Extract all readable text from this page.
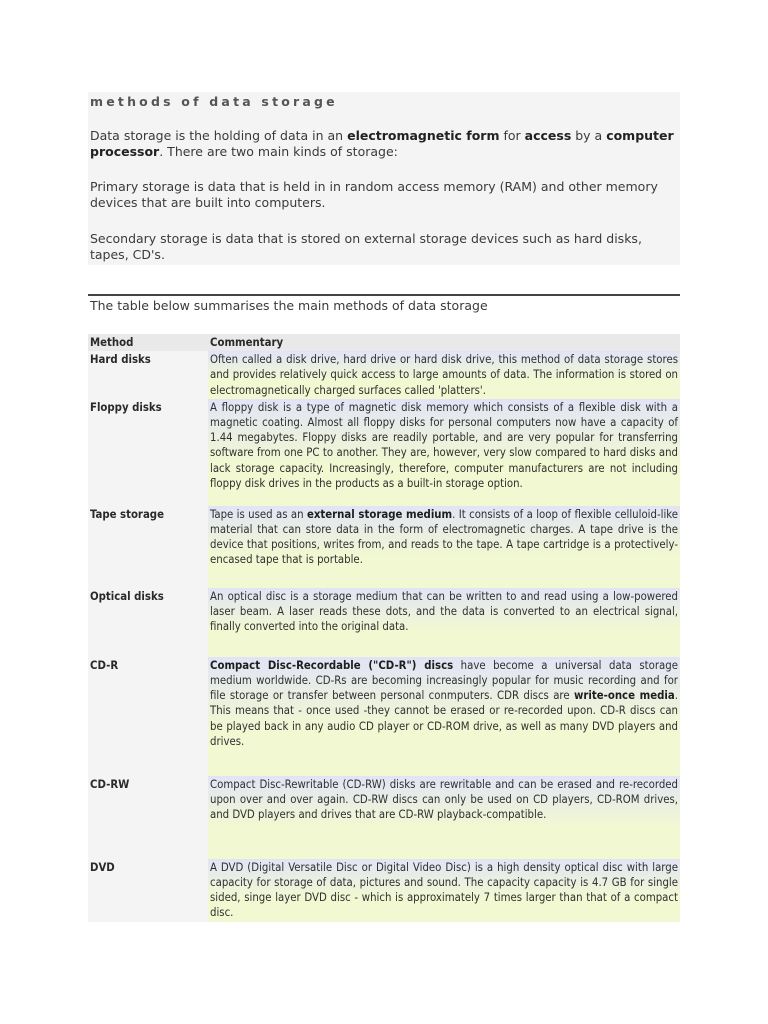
methods of data storage

Data storage is the holding of data in an electromagnetic form for access by a computer processor. There are two main kinds of storage:

Primary storage is data that is held in in random access memory (RAM) and other memory devices that are built into computers.

Secondary storage is data that is stored on external storage devices such as hard disks, tapes, CD's.

The table below summarises the main methods of data storage

Method	Commentary
Hard disks	Often called a disk drive, hard drive or hard disk drive, this method of data storage stores and provides relatively quick access to large amounts of data. The information is stored on electromagnetically charged surfaces called 'platters'.
Floppy disks	A floppy disk is a type of magnetic disk memory which consists of a flexible disk with a magnetic coating. Almost all floppy disks for personal computers now have a capacity of 1.44 megabytes. Floppy disks are readily portable, and are very popular for transferring software from one PC to another. They are, however, very slow compared to hard disks and lack storage capacity. Increasingly, therefore, computer manufacturers are not including floppy disk drives in the products as a built-in storage option.
Tape storage	Tape is used as an external storage medium. It consists of a loop of flexible celluloid-like material that can store data in the form of electromagnetic charges. A tape drive is the device that positions, writes from, and reads to the tape. A tape cartridge is a protectively-encased tape that is portable.
Optical disks	An optical disc is a storage medium that can be written to and read using a low-powered laser beam. A laser reads these dots, and the data is converted to an electrical signal, finally converted into the original data.
CD-R	Compact Disc-Recordable ("CD-R") discs have become a universal data storage medium worldwide. CD-Rs are becoming increasingly popular for music recording and for file storage or transfer between personal conmputers. CDR discs are write-once media. This means that - once used -they cannot be erased or re-recorded upon. CD-R discs can be played back in any audio CD player or CD-ROM drive, as well as many DVD players and drives.
CD-RW	Compact Disc-Rewritable (CD-RW) disks are rewritable and can be erased and re-recorded upon over and over again. CD-RW discs can only be used on CD players, CD-ROM drives, and DVD players and drives that are CD-RW playback-compatible.
DVD	A DVD (Digital Versatile Disc or Digital Video Disc) is a high density optical disc with large capacity for storage of data, pictures and sound. The capacity capacity is 4.7 GB for single sided, singe layer DVD disc - which is approximately 7 times larger than that of a compact disc.
